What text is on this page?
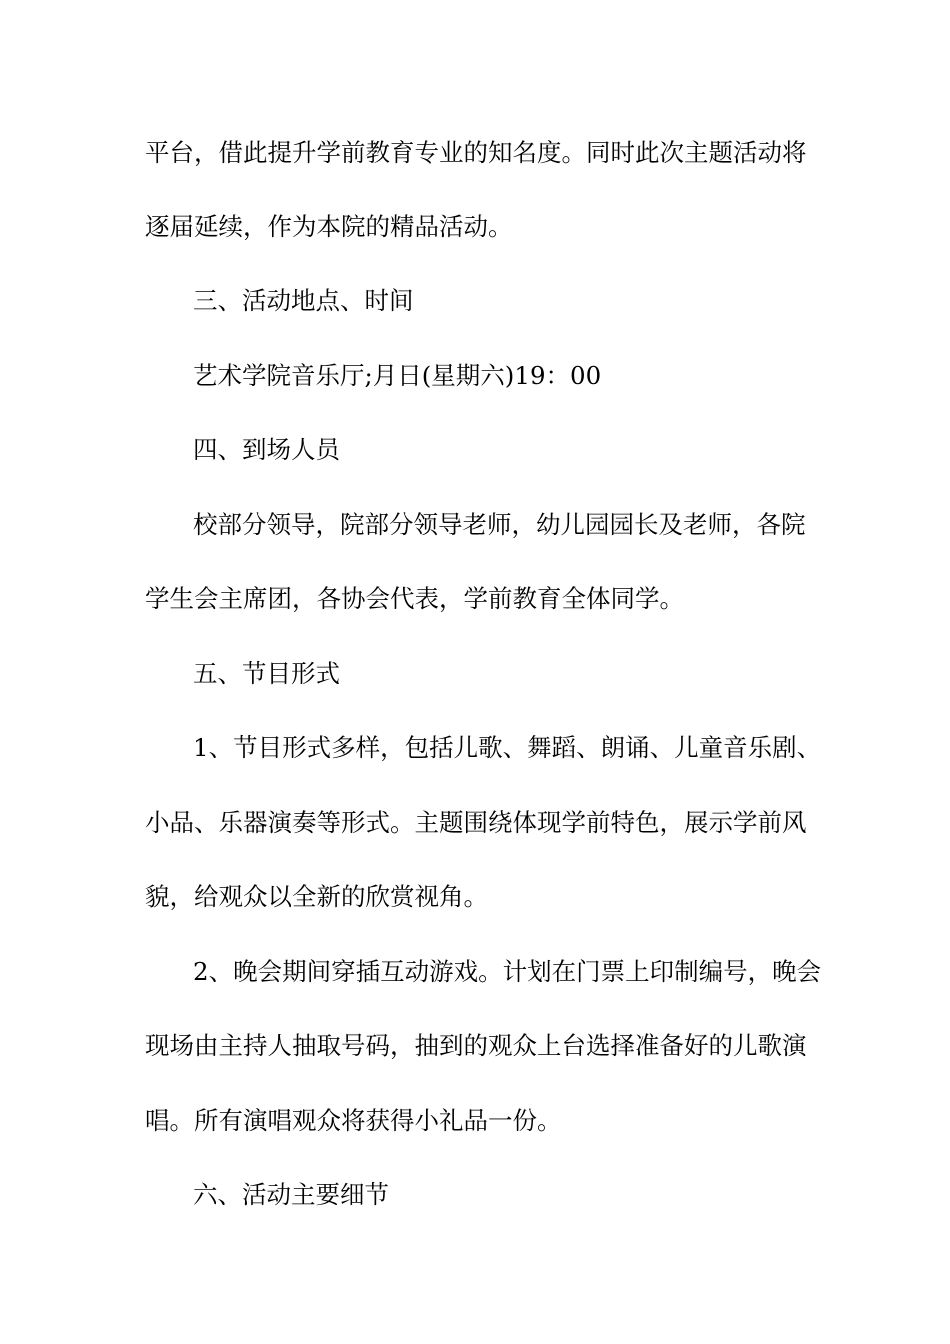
平台，借此提升学前教育专业的知名度。同时此次主题活动将
逐届延续，作为本院的精品活动。
三、活动地点、时间
艺术学院音乐厅;月日(星期六)19：00
四、到场人员
校部分领导，院部分领导老师，幼儿园园长及老师，各院
学生会主席团，各协会代表，学前教育全体同学。
五、节目形式
1、节目形式多样，包括儿歌、舞蹈、朗诵、儿童音乐剧、
小品、乐器演奏等形式。主题围绕体现学前特色，展示学前风
貌，给观众以全新的欣赏视角。
2、晚会期间穿插互动游戏。计划在门票上印制编号，晚会
现场由主持人抽取号码，抽到的观众上台选择准备好的儿歌演
唱。所有演唱观众将获得小礼品一份。
六、活动主要细节
